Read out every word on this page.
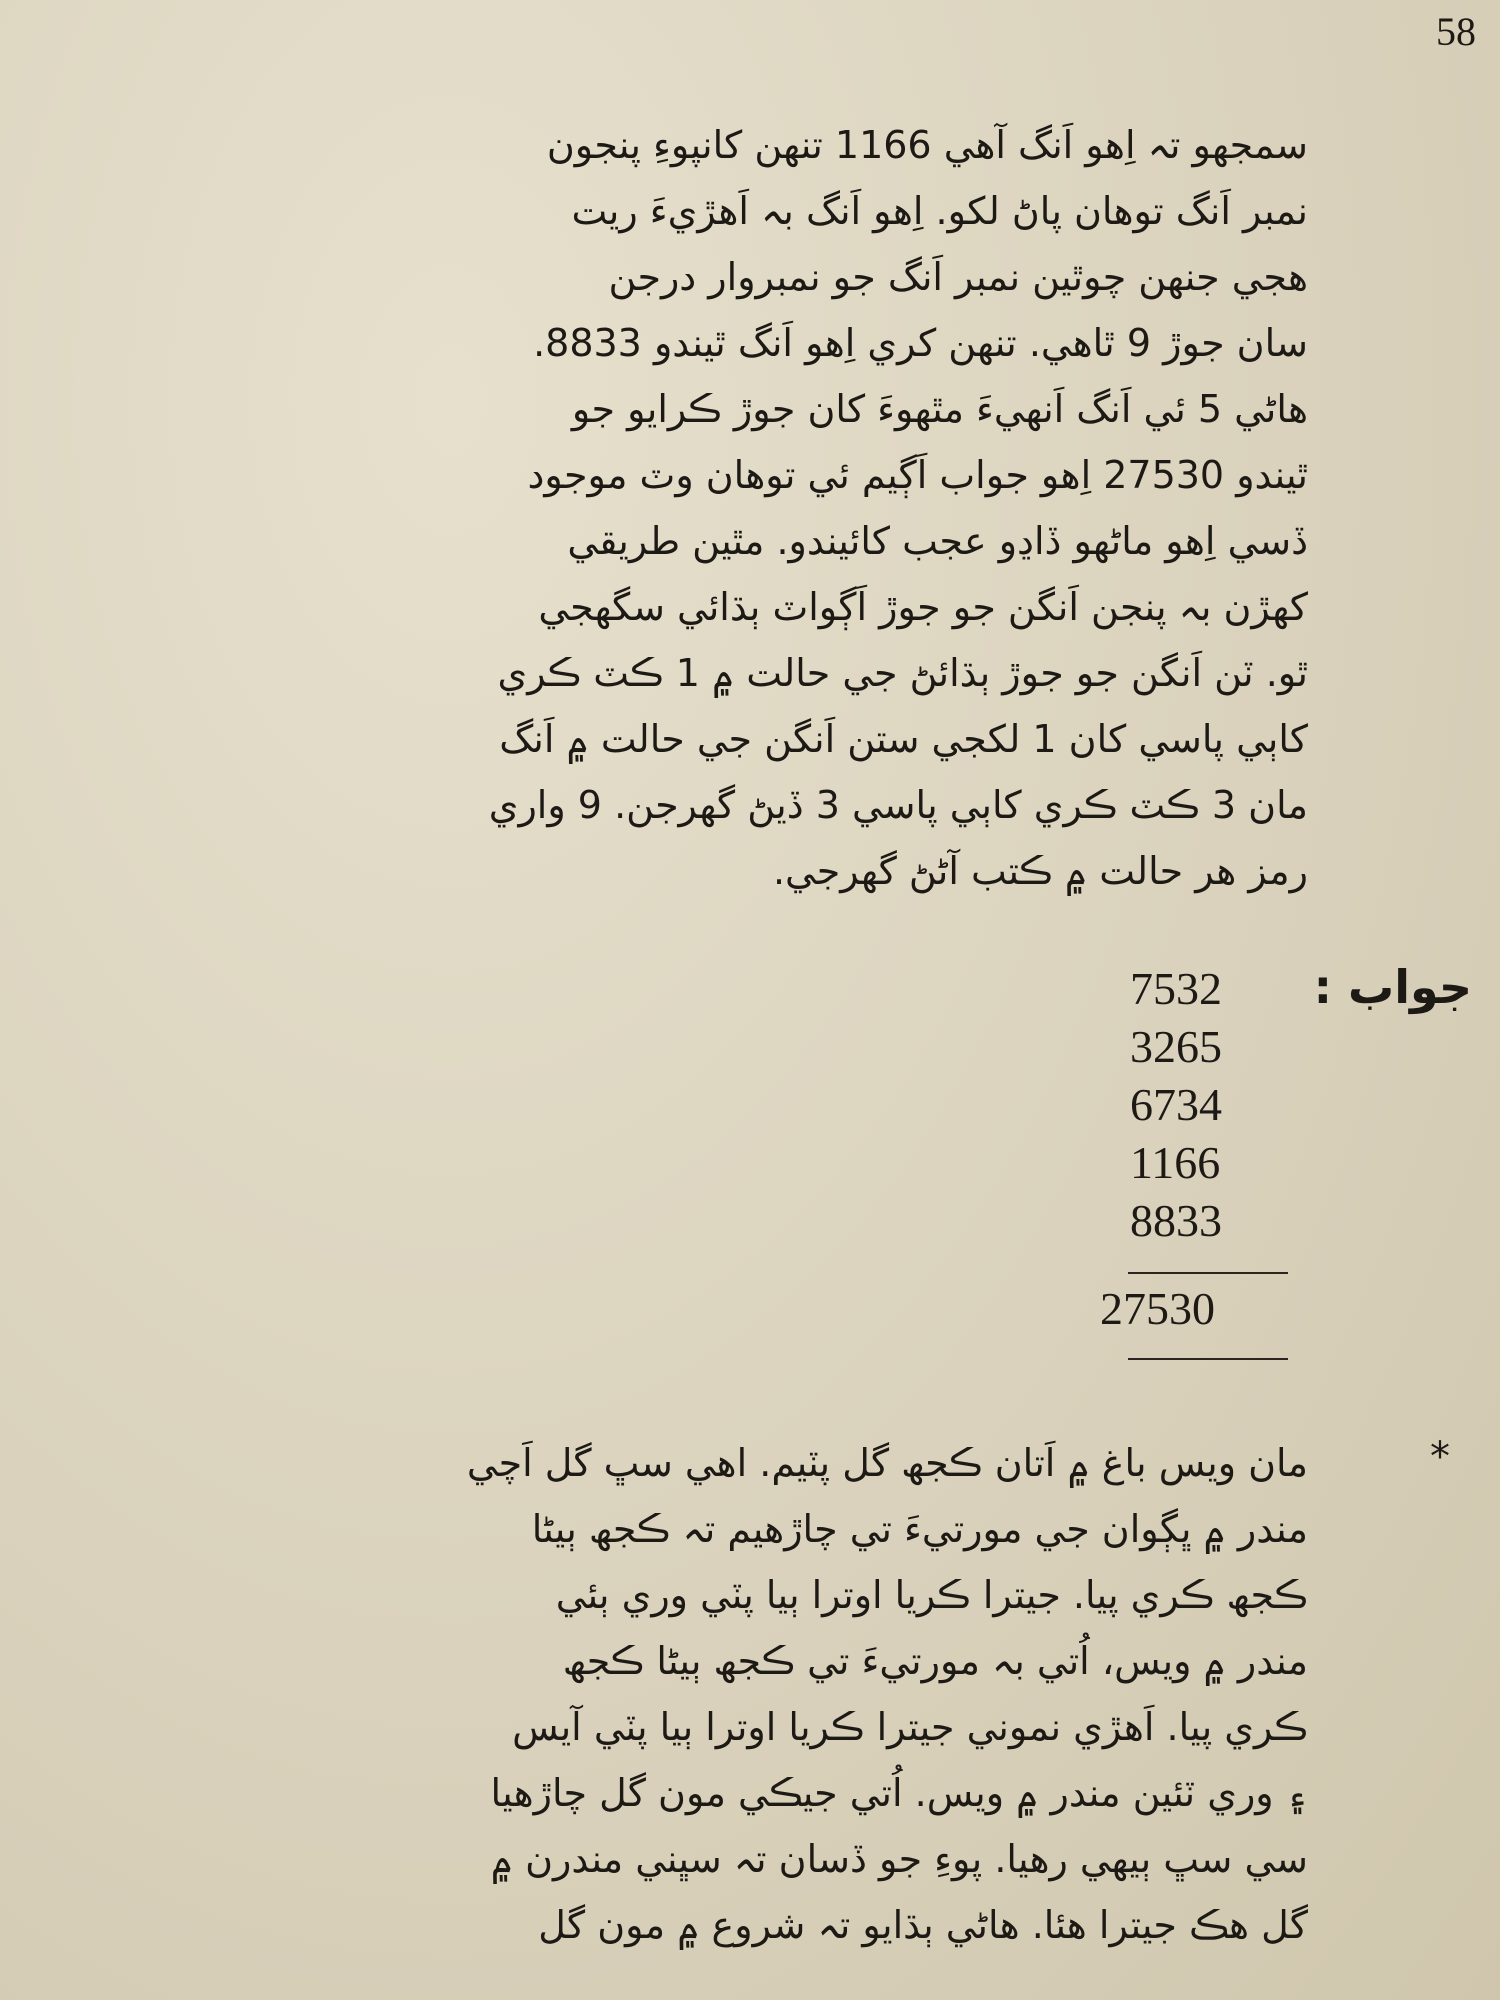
58
سمجھو تہ اِهو اَنگ آهي 1166 تنهن کانپوءِ پنجون
نمبر اَنگ توهان پاڻ لکو. اِهو اَنگ بہ اَهڙيءَ ريت
هجي جنهن چوٿين نمبر اَنگ جو نمبروار درجن
سان جوڙ 9 ٿاهي. تنهن کري اِهو اَنگ ٿيندو 8833.
هاڻي 5 ئي اَنگ اَنهيءَ مٿهوءَ کان جوڙ ڪرايو جو
ٿيندو 27530 اِهو جواب اَڳيم ئي توهان وٽ موجود
ڏسي اِهو ماڻهو ڏاڍو عجب کائيندو. مٿين طريقي
کهڙن بہ پنجن اَنگن جو جوڙ اَڳواٽ ٻڌائي سگهجي
ٿو. ٽن اَنگن جو جوڙ ٻڌائڻ جي حالت ۾ 1 ڪٽ ڪري
کاٻي پاسي کان 1 لکجي ستن اَنگن جي حالت ۾ اَنگ
مان 3 ڪٽ ڪري کاٻي پاسي 3 ڏيڻ گهرجن. 9 واري
رمز هر حالت ۾ ڪتب آڻڻ گهرجي.
جواب :
7532
3265
6734
1166
8833
27530
*
مان ويس باغ ۾ اَتان ڪجھ گل پٽيم. اهي سڀ گل اَچي
مندر ۾ ڀڳوان جي مورتيءَ تي چاڙهيم تہ ڪجھ ٻيڻا
ڪجھ ڪري پيا. جيترا ڪريا اوترا ٻيا پٽي وري ٻئي
مندر ۾ ويس، اُتي بہ مورتيءَ تي ڪجھ ٻيڻا ڪجھ
ڪري پيا. اَهڙي نموني جيترا ڪريا اوترا ٻيا پٽي آيس
۽ وري ٽئين مندر ۾ ويس. اُتي جيڪي مون گل چاڙهيا
سي سڀ ٻيهي رهيا. پوءِ جو ڏسان تہ سڀني مندرن ۾
گل هڪ جيترا هئا. هاڻي ٻڌايو تہ شروع ۾ مون گل
